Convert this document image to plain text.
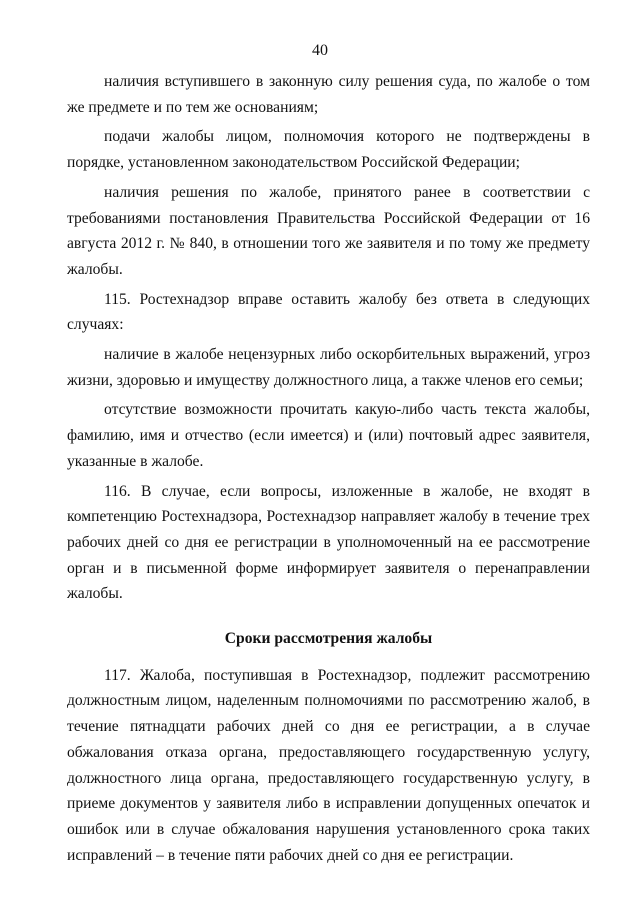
40

наличия вступившего в законную силу решения суда, по жалобе о том же предмете и по тем же основаниям;

подачи жалобы лицом, полномочия которого не подтверждены в порядке, установленном законодательством Российской Федерации;

наличия решения по жалобе, принятого ранее в соответствии с требованиями постановления Правительства Российской Федерации от 16 августа 2012 г. № 840, в отношении того же заявителя и по тому же предмету жалобы.

115. Ростехнадзор вправе оставить жалобу без ответа в следующих случаях:

наличие в жалобе нецензурных либо оскорбительных выражений, угроз жизни, здоровью и имуществу должностного лица, а также членов его семьи;

отсутствие возможности прочитать какую-либо часть текста жалобы, фамилию, имя и отчество (если имеется) и (или) почтовый адрес заявителя, указанные в жалобе.

116. В случае, если вопросы, изложенные в жалобе, не входят в компетенцию Ростехнадзора, Ростехнадзор направляет жалобу в течение трех рабочих дней со дня ее регистрации в уполномоченный на ее рассмотрение орган и в письменной форме информирует заявителя о перенаправлении жалобы.

Сроки рассмотрения жалобы

117. Жалоба, поступившая в Ростехнадзор, подлежит рассмотрению должностным лицом, наделенным полномочиями по рассмотрению жалоб, в течение пятнадцати рабочих дней со дня ее регистрации, а в случае обжалования отказа органа, предоставляющего государственную услугу, должностного лица органа, предоставляющего государственную услугу, в приеме документов у заявителя либо в исправлении допущенных опечаток и ошибок или в случае обжалования нарушения установленного срока таких исправлений – в течение пяти рабочих дней со дня ее регистрации.
